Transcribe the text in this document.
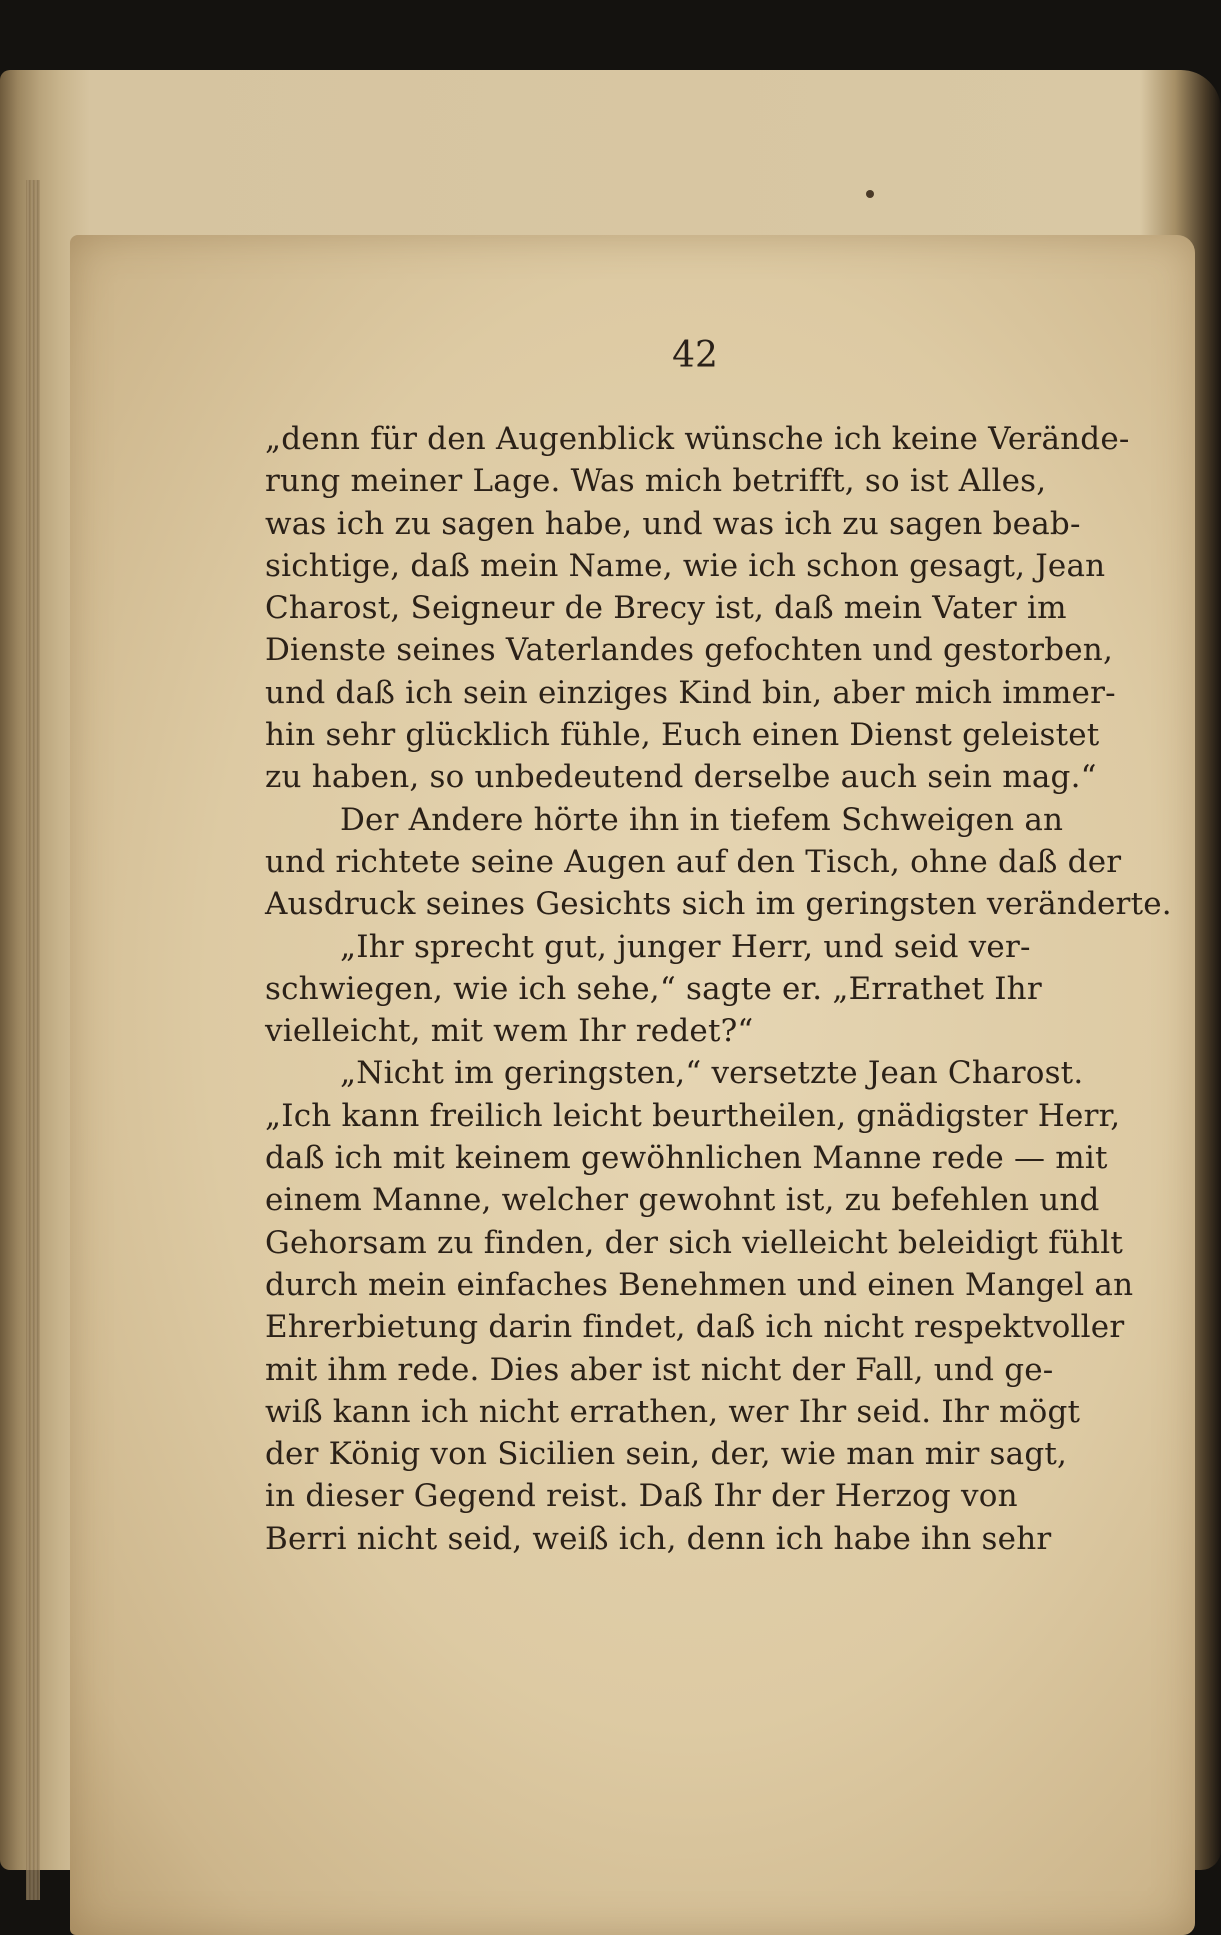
42
„denn für den Augenblick wünsche ich keine Verände-
rung meiner Lage. Was mich betrifft, so ist Alles,
was ich zu sagen habe, und was ich zu sagen beab-
sichtige, daß mein Name, wie ich schon gesagt, Jean
Charost, Seigneur de Brecy ist, daß mein Vater im
Dienste seines Vaterlandes gefochten und gestorben,
und daß ich sein einziges Kind bin, aber mich immer-
hin sehr glücklich fühle, Euch einen Dienst geleistet
zu haben, so unbedeutend derselbe auch sein mag.“
Der Andere hörte ihn in tiefem Schweigen an
und richtete seine Augen auf den Tisch, ohne daß der
Ausdruck seines Gesichts sich im geringsten veränderte.
„Ihr sprecht gut, junger Herr, und seid ver-
schwiegen, wie ich sehe,“ sagte er. „Errathet Ihr
vielleicht, mit wem Ihr redet?“
„Nicht im geringsten,“ versetzte Jean Charost.
„Ich kann freilich leicht beurtheilen, gnädigster Herr,
daß ich mit keinem gewöhnlichen Manne rede — mit
einem Manne, welcher gewohnt ist, zu befehlen und
Gehorsam zu finden, der sich vielleicht beleidigt fühlt
durch mein einfaches Benehmen und einen Mangel an
Ehrerbietung darin findet, daß ich nicht respektvoller
mit ihm rede. Dies aber ist nicht der Fall, und ge-
wiß kann ich nicht errathen, wer Ihr seid. Ihr mögt
der König von Sicilien sein, der, wie man mir sagt,
in dieser Gegend reist. Daß Ihr der Herzog von
Berri nicht seid, weiß ich, denn ich habe ihn sehr
